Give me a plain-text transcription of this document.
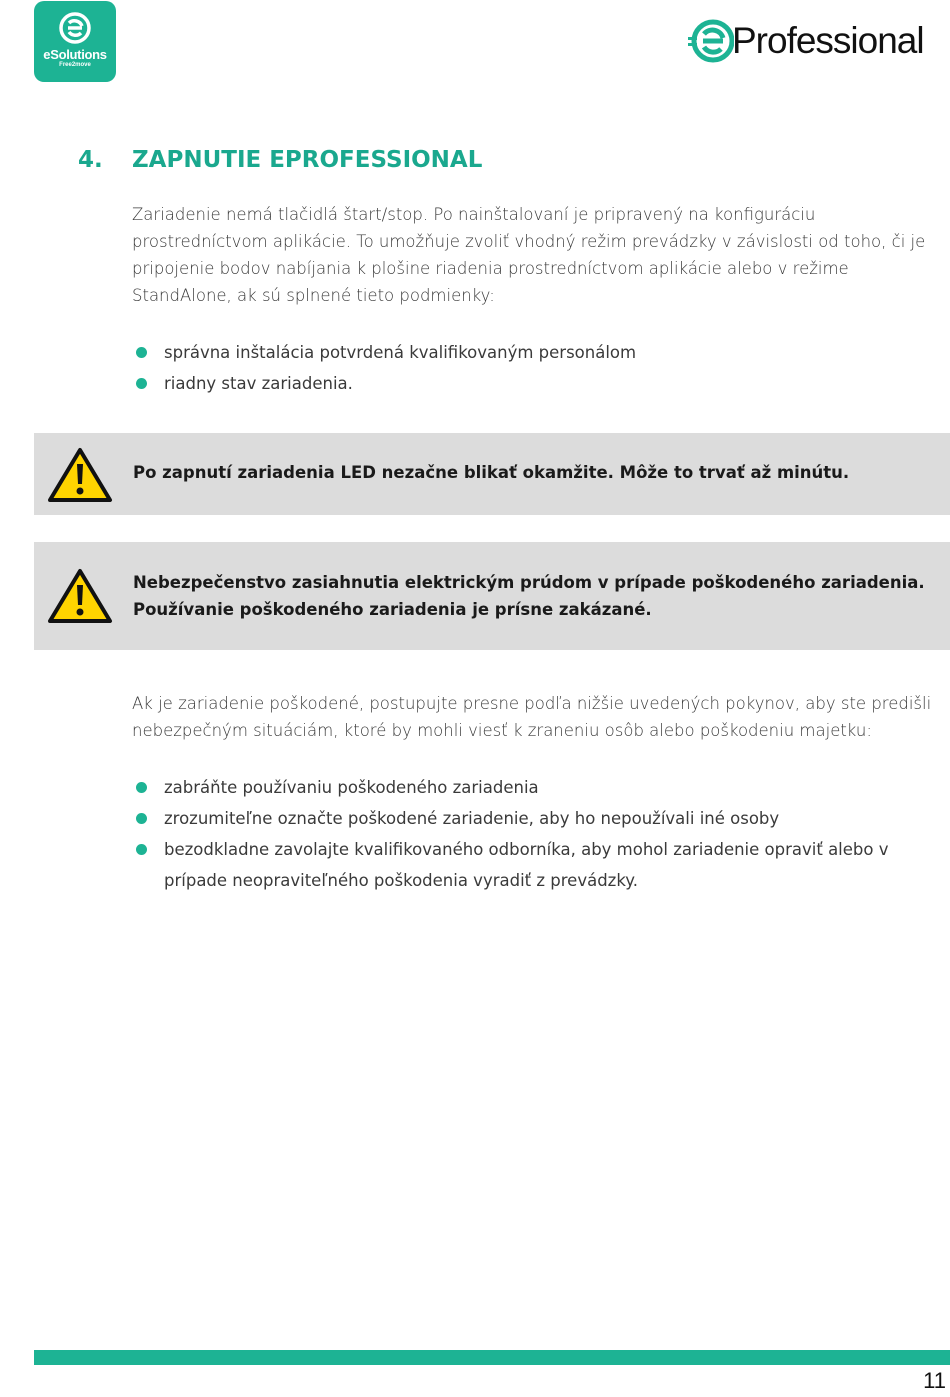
eSolutions
Free2move
Professional
4. ZAPNUTIE EPROFESSIONAL

Zariadenie nemá tlačidlá štart/stop. Po nainštalovaní je pripravený na konfiguráciu prostredníctvom aplikácie. To umožňuje zvoliť vhodný režim prevádzky v závislosti od toho, či je pripojenie bodov nabíjania k plošine riadenia prostredníctvom aplikácie alebo v režime StandAlone, ak sú splnené tieto podmienky:

správna inštalácia potvrdená kvalifikovaným personálom
riadny stav zariadenia.
Po zapnutí zariadenia LED nezačne blikať okamžite. Môže to trvať až minútu.
Nebezpečenstvo zasiahnutia elektrickým prúdom v prípade poškodeného zariadenia.
Používanie poškodeného zariadenia je prísne zakázané.

Ak je zariadenie poškodené, postupujte presne podľa nižšie uvedených pokynov, aby ste predišli nebezpečným situáciám, ktoré by mohli viesť k zraneniu osôb alebo poškodeniu majetku:

zabráňte používaniu poškodeného zariadenia
zrozumiteľne označte poškodené zariadenie, aby ho nepoužívali iné osoby
bezodkladne zavolajte kvalifikovaného odborníka, aby mohol zariadenie opraviť alebo v prípade neopraviteľného poškodenia vyradiť z prevádzky.
11
